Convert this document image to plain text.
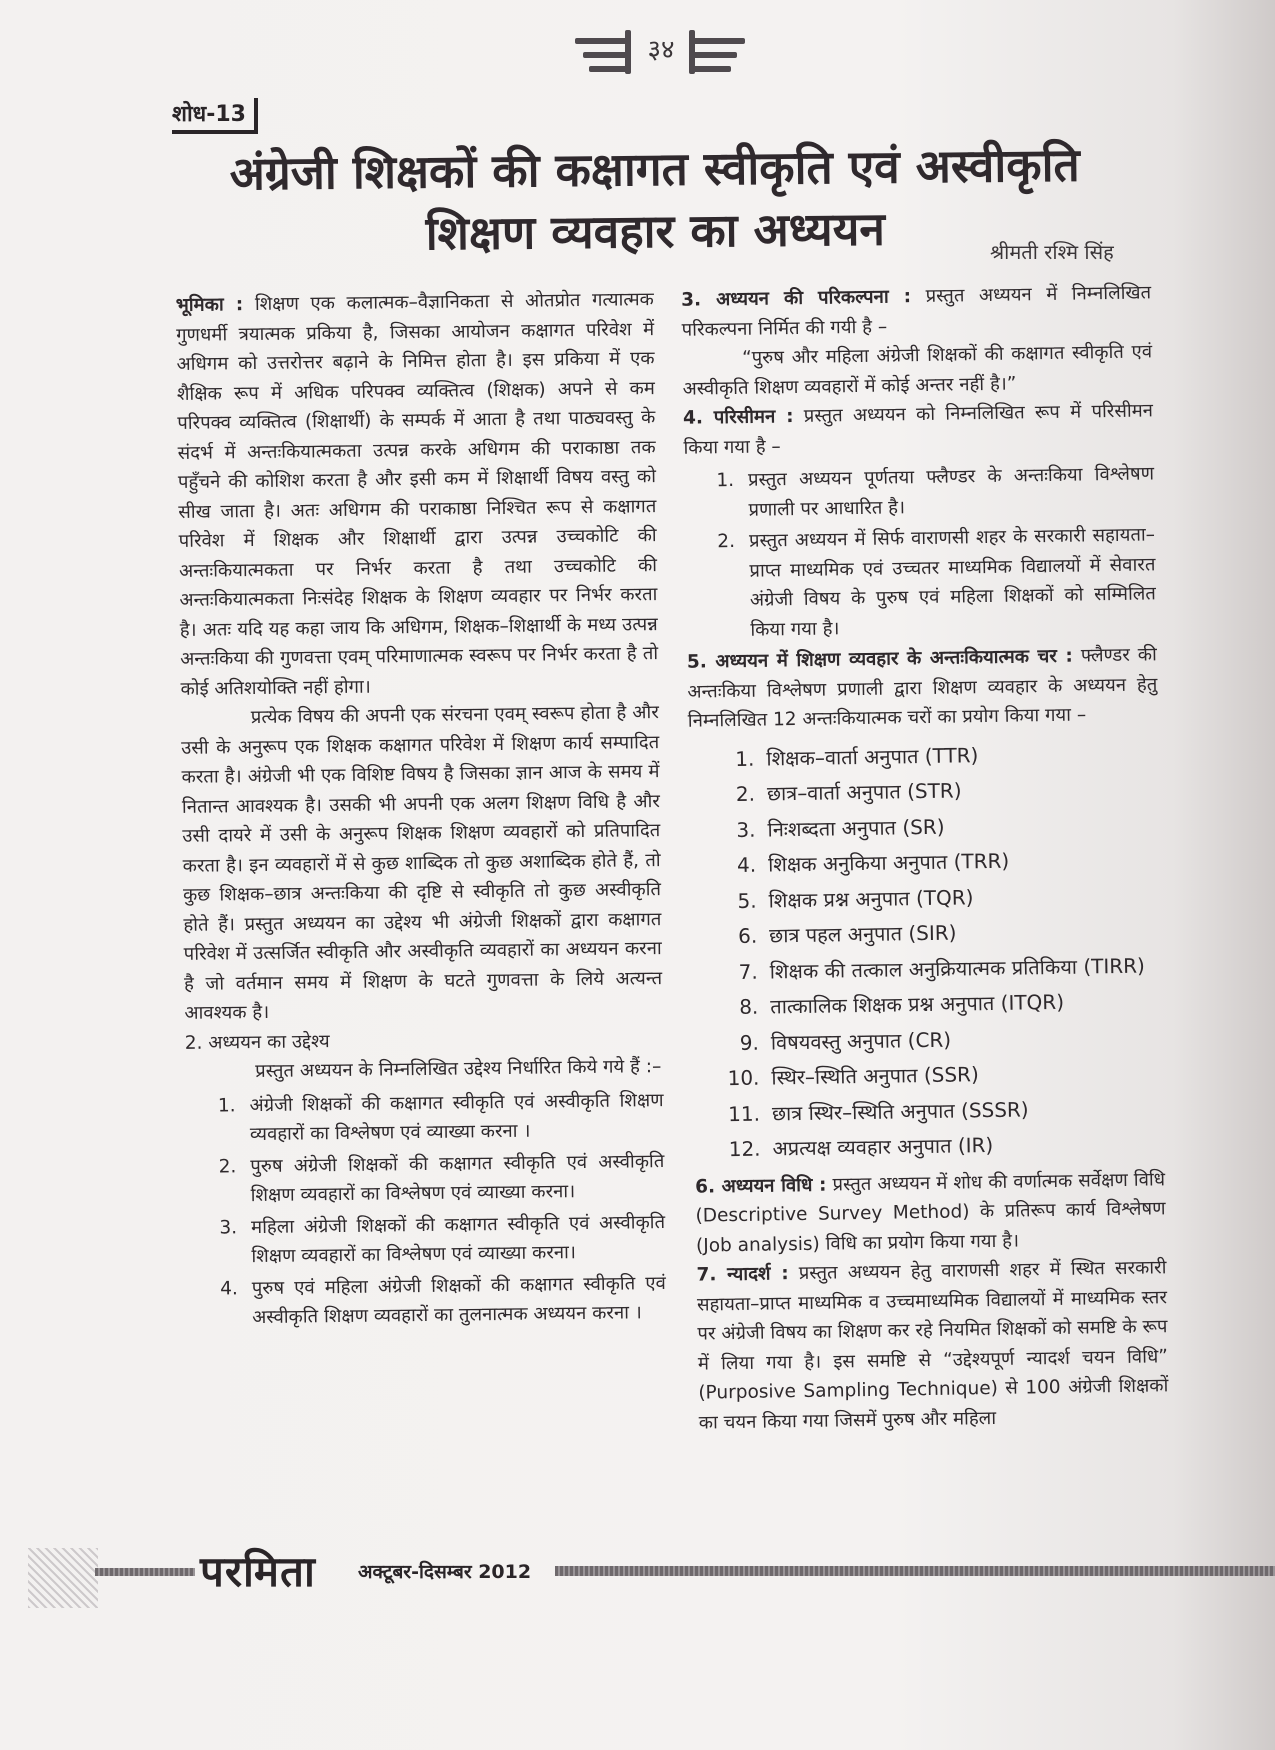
३४
शोध-13
अंग्रेजी शिक्षकों की कक्षागत स्वीकृति एवं अस्वीकृति
शिक्षण व्यवहार का अध्ययन	श्रीमती रश्मि सिंह

भूमिका : शिक्षण एक कलात्मक–वैज्ञानिकता से ओतप्रोत गत्यात्मक गुणधर्मी त्रयात्मक प्रकिया है, जिसका आयोजन कक्षागत परिवेश में अधिगम को उत्तरोत्तर बढ़ाने के निमित्त होता है। इस प्रकिया में एक शैक्षिक रूप में अधिक परिपक्व व्यक्तित्व (शिक्षक) अपने से कम परिपक्व व्यक्तित्व (शिक्षार्थी) के सम्पर्क में आता है तथा पाठ्यवस्तु के संदर्भ में अन्तःकियात्मकता उत्पन्न करके अधिगम की पराकाष्ठा तक पहुँचने की कोशिश करता है और इसी कम में शिक्षार्थी विषय वस्तु को सीख जाता है। अतः अधिगम की पराकाष्ठा निश्चित रूप से कक्षागत परिवेश में शिक्षक और शिक्षार्थी द्वारा उत्पन्न उच्चकोटि की अन्तःकियात्मकता पर निर्भर करता है तथा उच्चकोटि की अन्तःकियात्मकता निःसंदेह शिक्षक के शिक्षण व्यवहार पर निर्भर करता है। अतः यदि यह कहा जाय कि अधिगम, शिक्षक–शिक्षार्थी के मध्य उत्पन्न अन्तःकिया की गुणवत्ता एवम् परिमाणात्मक स्वरूप पर निर्भर करता है तो कोई अतिशयोक्ति नहीं होगा।

प्रत्येक विषय की अपनी एक संरचना एवम् स्वरूप होता है और उसी के अनुरूप एक शिक्षक कक्षागत परिवेश में शिक्षण कार्य सम्पादित करता है। अंग्रेजी भी एक विशिष्ट विषय है जिसका ज्ञान आज के समय में नितान्त आवश्यक है। उसकी भी अपनी एक अलग शिक्षण विधि है और उसी दायरे में उसी के अनुरूप शिक्षक शिक्षण व्यवहारों को प्रतिपादित करता है। इन व्यवहारों में से कुछ शाब्दिक तो कुछ अशाब्दिक होते हैं, तो कुछ शिक्षक–छात्र अन्तःकिया की दृष्टि से स्वीकृति तो कुछ अस्वीकृति होते हैं। प्रस्तुत अध्ययन का उद्देश्य भी अंग्रेजी शिक्षकों द्वारा कक्षागत परिवेश में उत्सर्जित स्वीकृति और अस्वीकृति व्यवहारों का अध्ययन करना है जो वर्तमान समय में शिक्षण के घटते गुणवत्ता के लिये अत्यन्त आवश्यक है।

2. अध्ययन का उद्देश्य

प्रस्तुत अध्ययन के निम्नलिखित उद्देश्य निर्धारित किये गये हैं :–

1. अंग्रेजी शिक्षकों की कक्षागत स्वीकृति एवं अस्वीकृति शिक्षण व्यवहारों का विश्लेषण एवं व्याख्या करना ।
2. पुरुष अंग्रेजी शिक्षकों की कक्षागत स्वीकृति एवं अस्वीकृति शिक्षण व्यवहारों का विश्लेषण एवं व्याख्या करना।
3. महिला अंग्रेजी शिक्षकों की कक्षागत स्वीकृति एवं अस्वीकृति शिक्षण व्यवहारों का विश्लेषण एवं व्याख्या करना।
4. पुरुष एवं महिला अंग्रेजी शिक्षकों की कक्षागत स्वीकृति एवं अस्वीकृति शिक्षण व्यवहारों का तुलनात्मक अध्ययन करना ।

3. अध्ययन की परिकल्पना : प्रस्तुत अध्ययन में निम्नलिखित परिकल्पना निर्मित की गयी है –

“पुरुष और महिला अंग्रेजी शिक्षकों की कक्षागत स्वीकृति एवं अस्वीकृति शिक्षण व्यवहारों में कोई अन्तर नहीं है।”

4. परिसीमन : प्रस्तुत अध्ययन को निम्नलिखित रूप में परिसीमन किया गया है –

1. प्रस्तुत अध्ययन पूर्णतया फ्लैण्डर के अन्तःकिया विश्लेषण प्रणाली पर आधारित है।
2. प्रस्तुत अध्ययन में सिर्फ वाराणसी शहर के सरकारी सहायता–प्राप्त माध्यमिक एवं उच्चतर माध्यमिक विद्यालयों में सेवारत अंग्रेजी विषय के पुरुष एवं महिला शिक्षकों को सम्मिलित किया गया है।

5. अध्ययन में शिक्षण व्यवहार के अन्तःकियात्मक चर : फ्लैण्डर की अन्तःकिया विश्लेषण प्रणाली द्वारा शिक्षण व्यवहार के अध्ययन हेतु निम्नलिखित 12 अन्तःकियात्मक चरों का प्रयोग किया गया –

1. शिक्षक–वार्ता अनुपात (TTR)
2. छात्र–वार्ता अनुपात (STR)
3. निःशब्दता अनुपात (SR)
4. शिक्षक अनुकिया अनुपात (TRR)
5. शिक्षक प्रश्न अनुपात (TQR)
6. छात्र पहल अनुपात (SIR)
7. शिक्षक की तत्काल अनुक्रियात्मक प्रतिकिया (TIRR)
8. तात्कालिक शिक्षक प्रश्न अनुपात (ITQR)
9. विषयवस्तु अनुपात (CR)
10. स्थिर–स्थिति अनुपात (SSR)
11. छात्र स्थिर–स्थिति अनुपात (SSSR)
12. अप्रत्यक्ष व्यवहार अनुपात (IR)

6. अध्ययन विधि : प्रस्तुत अध्ययन में शोध की वर्णात्मक सर्वेक्षण विधि (Descriptive Survey Method) के प्रतिरूप कार्य विश्लेषण (Job analysis) विधि का प्रयोग किया गया है।

7. न्यादर्श : प्रस्तुत अध्ययन हेतु वाराणसी शहर में स्थित सरकारी सहायता–प्राप्त माध्यमिक व उच्चमाध्यमिक विद्यालयों में माध्यमिक स्तर पर अंग्रेजी विषय का शिक्षण कर रहे नियमित शिक्षकों को समष्टि के रूप में लिया गया है। इस समष्टि से “उद्देश्यपूर्ण न्यादर्श चयन विधि” (Purposive Sampling Technique) से 100 अंग्रेजी शिक्षकों का चयन किया गया जिसमें पुरुष और महिला

परमिता अक्टूबर-दिसम्बर 2012
